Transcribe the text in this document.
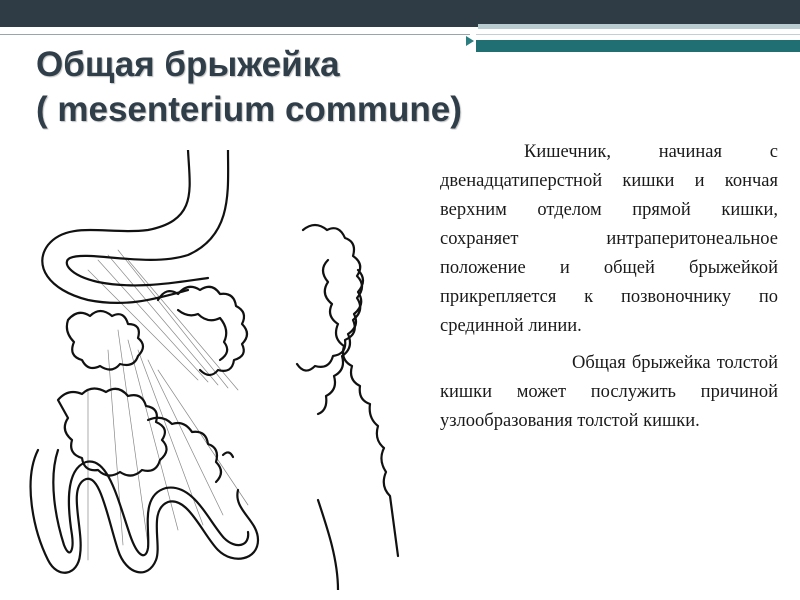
Общая брыжейка
( mesenterium commune)

Кишечник, начиная с двенадцатиперстной кишки и кончая верхним отделом прямой кишки, сохраняет интраперитонеальное положение и общей брыжейкой прикрепляется к позвоночнику по срединной линии.

Общая брыжейка толстой кишки может послужить причиной узлообразования толстой кишки.
